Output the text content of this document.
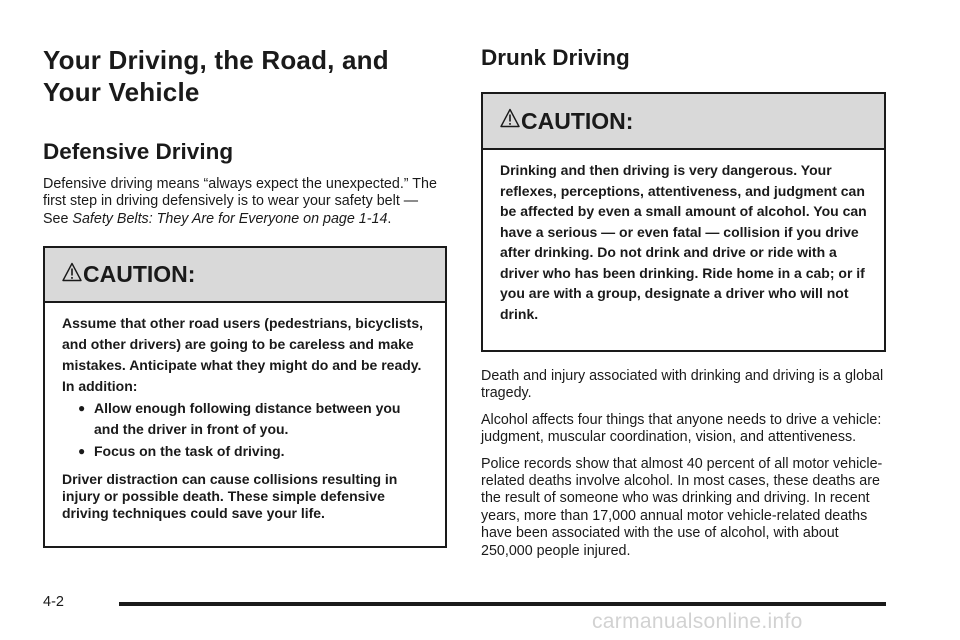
Your Driving, the Road, and
Your Vehicle
Defensive Driving

Defensive driving means “always expect the unexpected.” The first step in driving defensively is to wear your safety belt — See Safety Belts: They Are for Everyone on page 1-14.

CAUTION:

Assume that other road users (pedestrians, bicyclists, and other drivers) are going to be careless and make mistakes. Anticipate what they might do and be ready. In addition:

● Allow enough following distance between you and the driver in front of you.
● Focus on the task of driving.

Driver distraction can cause collisions resulting in injury or possible death. These simple defensive driving techniques could save your life.

Drunk Driving
CAUTION:

Drinking and then driving is very dangerous. Your reflexes, perceptions, attentiveness, and judgment can be affected by even a small amount of alcohol. You can have a serious — or even fatal — collision if you drive after drinking. Do not drink and drive or ride with a driver who has been drinking. Ride home in a cab; or if you are with a group, designate a driver who will not drink.

Death and injury associated with drinking and driving is a global tragedy.

Alcohol affects four things that anyone needs to drive a vehicle: judgment, muscular coordination, vision, and attentiveness.

Police records show that almost 40 percent of all motor vehicle-related deaths involve alcohol. In most cases, these deaths are the result of someone who was drinking and driving. In recent years, more than 17,000 annual motor vehicle-related deaths have been associated with the use of alcohol, with about 250,000 people injured.

4-2
carmanualsonline.info
